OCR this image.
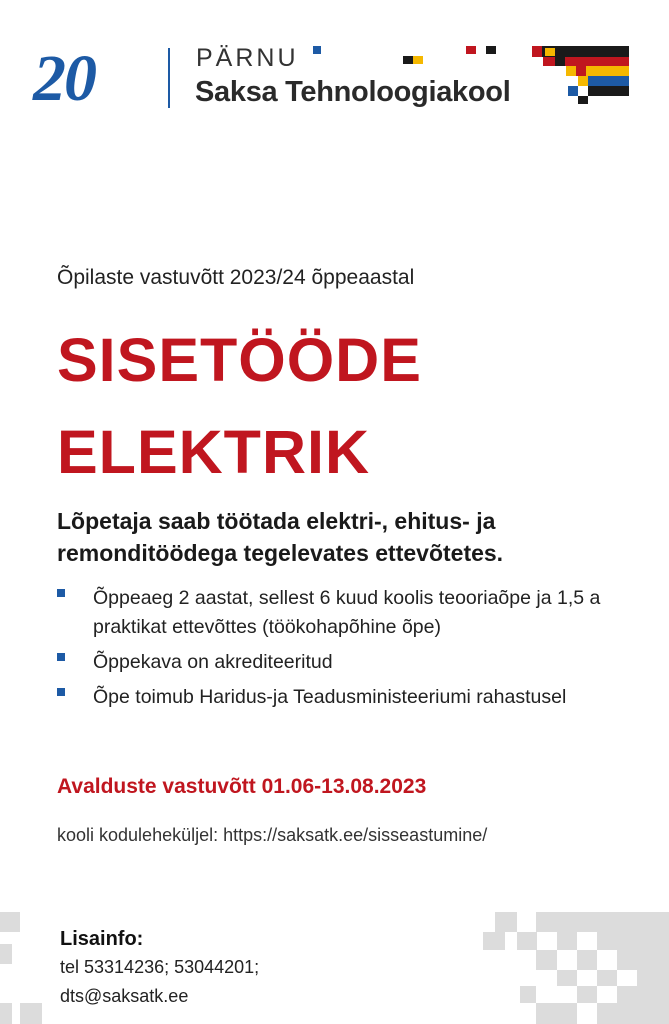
20	PÄRNU
Saksa Tehnoloogiakool
Õpilaste vastuvõtt 2023/24 õppeaastal
SISETÖÖDE
ELEKTRIK
Lõpetaja saab töötada elektri-, ehitus- ja remonditöödega tegelevates ettevõtetes.
Õppeaeg 2 aastat, sellest 6 kuud koolis teooriaõpe ja 1,5 a praktikat ettevõttes (töökohapõhine õpe)
Õppekava on akrediteeritud
Õpe toimub Haridus-ja Teadusministeeriumi rahastusel
Avalduste vastuvõtt 01.06-13.08.2023
kooli koduleheküljel: https://saksatk.ee/sisseastumine/
Lisainfo:
tel 53314236; 53044201;
dts@saksatk.ee
